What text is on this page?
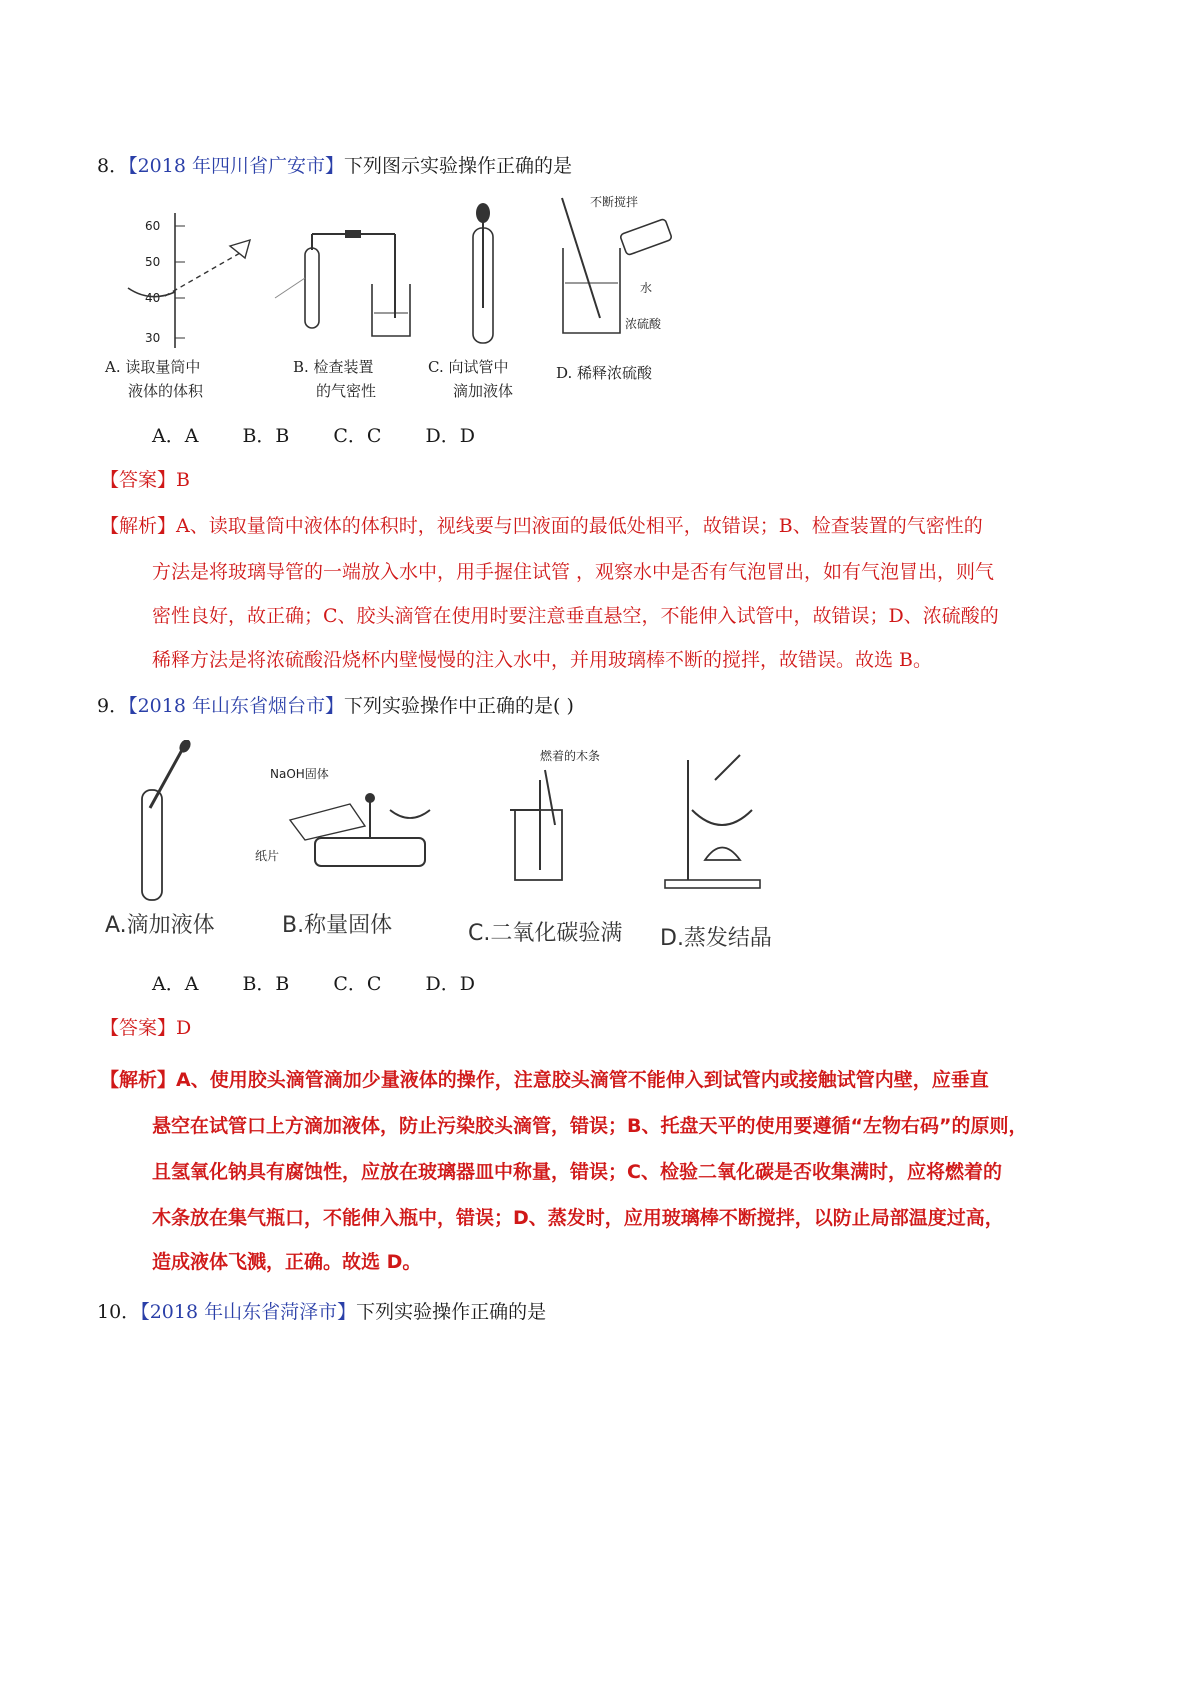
8．【2018 年四川省广安市】下列图示实验操作正确的是
60
50
40
30
A. 读取量筒中
液体的体积
B. 检查装置
的气密性
C. 向试管中
滴加液体
不断搅拌
水
浓硫酸
D. 稀释浓硫酸
A．A B．B C．C D．D
【答案】B
【解析】A、读取量筒中液体的体积时，视线要与凹液面的最低处相平，故错误；B、检查装置的气密性的
方法是将玻璃导管的一端放入水中，用手握住试管 ，观察水中是否有气泡冒出，如有气泡冒出，则气
密性良好，故正确；C、胶头滴管在使用时要注意垂直悬空，不能伸入试管中，故错误；D、浓硫酸的
稀释方法是将浓硫酸沿烧杯内壁慢慢的注入水中，并用玻璃棒不断的搅拌，故错误。故选 B。
9．【2018 年山东省烟台市】下列实验操作中正确的是( )
A.滴加液体
NaOH固体
纸片
B.称量固体
燃着的木条
C.二氧化碳验满 D.蒸发结晶
A．A B．B C．C D．D
【答案】D
【解析】A、使用胶头滴管滴加少量液体的操作，注意胶头滴管不能伸入到试管内或接触试管内壁，应垂直
悬空在试管口上方滴加液体，防止污染胶头滴管，错误；B、托盘天平的使用要遵循“左物右码”的原则，
且氢氧化钠具有腐蚀性，应放在玻璃器皿中称量，错误；C、检验二氧化碳是否收集满时，应将燃着的
木条放在集气瓶口，不能伸入瓶中，错误；D、蒸发时，应用玻璃棒不断搅拌，以防止局部温度过高，
造成液体飞溅，正确。故选 D。
10．【2018 年山东省菏泽市】下列实验操作正确的是
